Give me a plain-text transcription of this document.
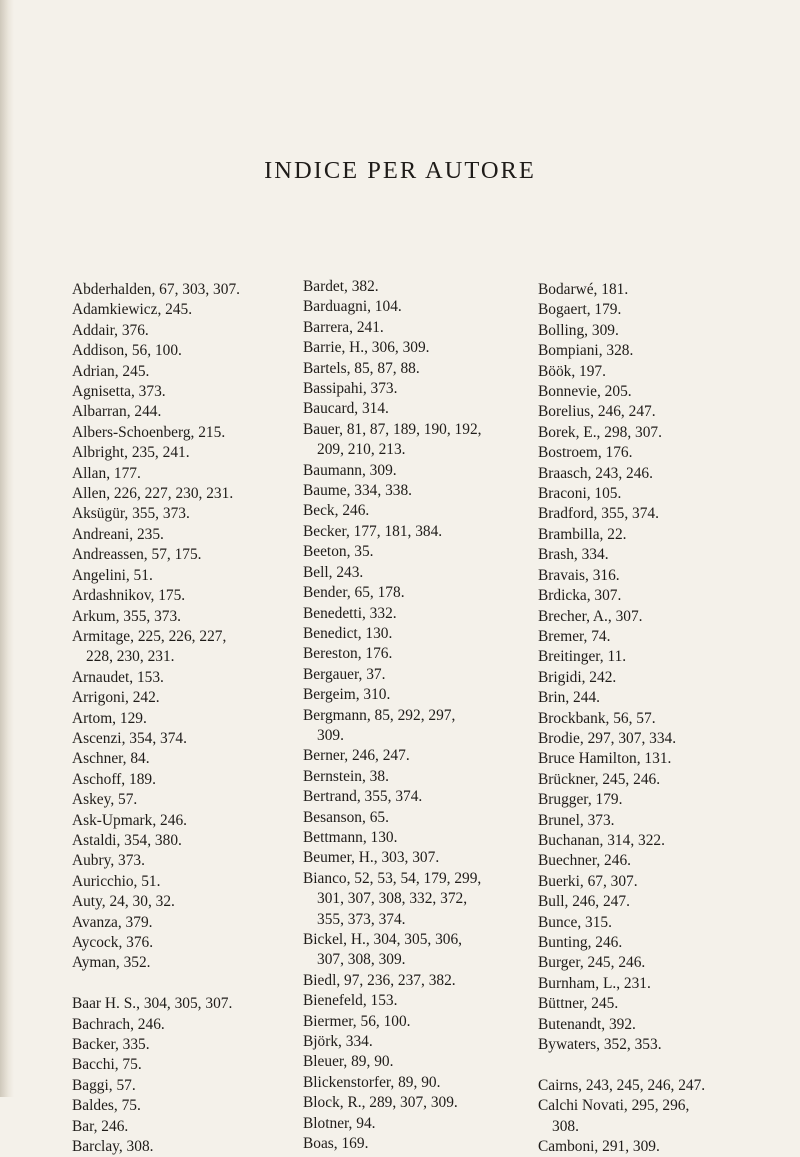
INDICE PER AUTORE
Abderhalden, 67, 303, 307.
Adamkiewicz, 245.
Addair, 376.
Addison, 56, 100.
Adrian, 245.
Agnisetta, 373.
Albarran, 244.
Albers-Schoenberg, 215.
Albright, 235, 241.
Allan, 177.
Allen, 226, 227, 230, 231.
Aksügür, 355, 373.
Andreani, 235.
Andreassen, 57, 175.
Angelini, 51.
Ardashnikov, 175.
Arkum, 355, 373.
Armitage, 225, 226, 227,
228, 230, 231.
Arnaudet, 153.
Arrigoni, 242.
Artom, 129.
Ascenzi, 354, 374.
Aschner, 84.
Aschoff, 189.
Askey, 57.
Ask-Upmark, 246.
Astaldi, 354, 380.
Aubry, 373.
Auricchio, 51.
Auty, 24, 30, 32.
Avanza, 379.
Aycock, 376.
Ayman, 352.
Baar H. S., 304, 305, 307.
Bachrach, 246.
Backer, 335.
Bacchi, 75.
Baggi, 57.
Baldes, 75.
Bar, 246.
Barclay, 308.
Bardet, 382.
Barduagni, 104.
Barrera, 241.
Barrie, H., 306, 309.
Bartels, 85, 87, 88.
Bassipahi, 373.
Baucard, 314.
Bauer, 81, 87, 189, 190, 192,
209, 210, 213.
Baumann, 309.
Baume, 334, 338.
Beck, 246.
Becker, 177, 181, 384.
Beeton, 35.
Bell, 243.
Bender, 65, 178.
Benedetti, 332.
Benedict, 130.
Bereston, 176.
Bergauer, 37.
Bergeim, 310.
Bergmann, 85, 292, 297,
309.
Berner, 246, 247.
Bernstein, 38.
Bertrand, 355, 374.
Besanson, 65.
Bettmann, 130.
Beumer, H., 303, 307.
Bianco, 52, 53, 54, 179, 299,
301, 307, 308, 332, 372,
355, 373, 374.
Bickel, H., 304, 305, 306,
307, 308, 309.
Biedl, 97, 236, 237, 382.
Bienefeld, 153.
Biermer, 56, 100.
Björk, 334.
Bleuer, 89, 90.
Blickenstorfer, 89, 90.
Block, R., 289, 307, 309.
Blotner, 94.
Boas, 169.
Bodarwé, 181.
Bogaert, 179.
Bolling, 309.
Bompiani, 328.
Böök, 197.
Bonnevie, 205.
Borelius, 246, 247.
Borek, E., 298, 307.
Bostroem, 176.
Braasch, 243, 246.
Braconi, 105.
Bradford, 355, 374.
Brambilla, 22.
Brash, 334.
Bravais, 316.
Brdicka, 307.
Brecher, A., 307.
Bremer, 74.
Breitinger, 11.
Brigidi, 242.
Brin, 244.
Brockbank, 56, 57.
Brodie, 297, 307, 334.
Bruce Hamilton, 131.
Brückner, 245, 246.
Brugger, 179.
Brunel, 373.
Buchanan, 314, 322.
Buechner, 246.
Buerki, 67, 307.
Bull, 246, 247.
Bunce, 315.
Bunting, 246.
Burger, 245, 246.
Burnham, L., 231.
Büttner, 245.
Butenandt, 392.
Bywaters, 352, 353.
Cairns, 243, 245, 246, 247.
Calchi Novati, 295, 296,
308.
Camboni, 291, 309.
